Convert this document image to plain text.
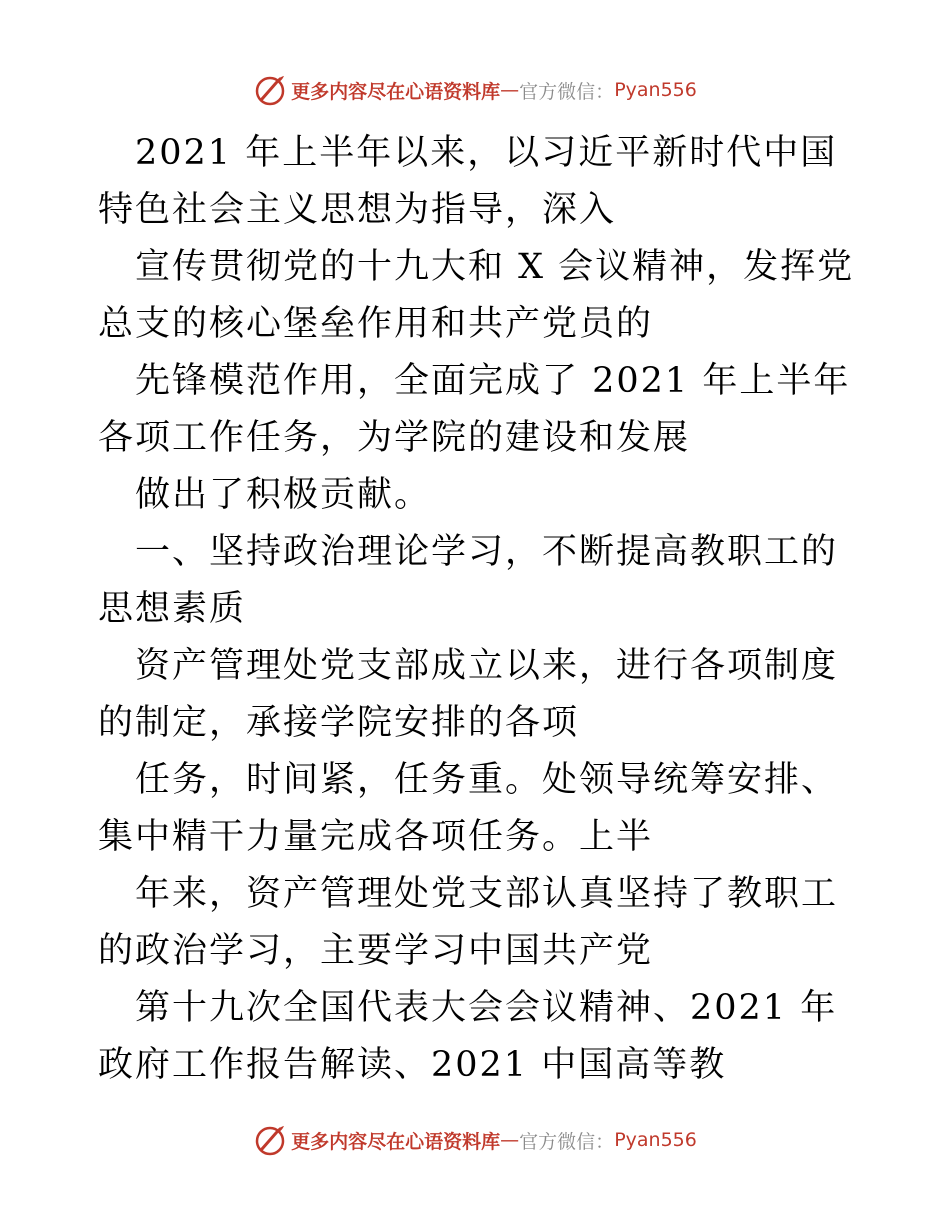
更多内容尽在心语资料库 — 官方微信： Pyan556

2021 年上半年以来，以习近平新时代中国特色社会主义思想为指导，深入

宣传贯彻党的十九大和 X 会议精神，发挥党总支的核心堡垒作用和共产党员的

先锋模范作用，全面完成了 2021 年上半年各项工作任务，为学院的建设和发展

做出了积极贡献。

一、坚持政治理论学习，不断提高教职工的思想素质

资产管理处党支部成立以来，进行各项制度的制定，承接学院安排的各项

任务，时间紧，任务重。处领导统筹安排、集中精干力量完成各项任务。上半

年来，资产管理处党支部认真坚持了教职工的政治学习，主要学习中国共产党

第十九次全国代表大会会议精神、2021 年政府工作报告解读、2021 中国高等教

更多内容尽在心语资料库 — 官方微信： Pyan556
